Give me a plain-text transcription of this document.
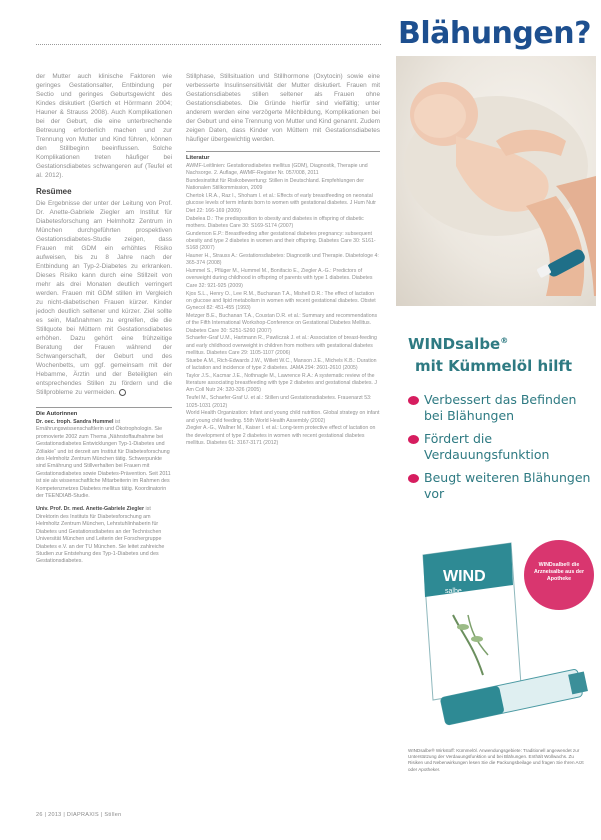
der Mutter auch klinische Faktoren wie geringes Gestationsalter, Entbindung per Sectio und geringes Geburtsgewicht des Kindes diskutiert (Gertich et Hörrmann 2004; Hauner & Strauss 2008). Auch Komplikationen bei der Geburt, die eine unterbrechende Betreuung erforderlich machen und zur Trennung von Mutter und Kind führen, können den Stillbeginn beeinflussen. Solche Komplikationen treten häufiger bei Gestationsdiabetes schwangeren auf (Teufel et al. 2012).

Resümee

Die Ergebnisse der unter der Leitung von Prof. Dr. Anette-Gabriele Ziegler am Institut für Diabetesforschung am Helmholtz Zentrum in München durchgeführten prospektiven Gestationsdiabetes-Studie zeigen, dass Frauen mit GDM ein erhöhtes Risiko aufweisen, bis zu 8 Jahre nach der Entbindung an Typ-2-Diabetes zu erkranken. Dieses Risiko kann durch eine Stillzeit von mehr als drei Monaten deutlich verringert werden. Frauen mit GDM stillen im Vergleich zu nicht-diabetischen Frauen kürzer. Kinder jedoch deutlich seltener und kürzer. Ziel sollte es sein, Maßnahmen zu ergreifen, die die Stillquote bei Müttern mit Gestationsdiabetes erhöhen. Dazu gehört eine frühzeitige Beratung der Frauen während der Schwangerschaft, der Geburt und des Wochenbetts, um ggf. gemeinsam mit der Hebamme, Ärztin und der Beteiligten ein entsprechendes Stillen zu fördern und die Stillprobleme zu vermeiden.

Die Autorinnen

Dr. oec. troph. Sandra Hummel ist Ernährungswissenschaftlerin und Ökotrophologin. Sie promovierte 2002 zum Thema „Nährstoffaufnahme bei Gestationsdiabetes Entwicklungen Typ-1-Diabetes und Zöliakie“ und ist derzeit am Institut für Diabetesforschung des Helmholtz Zentrum München tätig. Schwerpunkte sind Ernährung und Stillverhalten bei Frauen mit Gestationsdiabetes sowie Diabetes-Prävention. Seit 2011 ist sie als wissenschaftliche Mitarbeiterin im Rahmen des Kompetenznetzes Diabetes mellitus tätig. Koordinatorin der TEENDIAB-Studie.

Univ. Prof. Dr. med. Anette-Gabriele Ziegler ist Direktorin des Instituts für Diabetesforschung am Helmholtz Zentrum München, Lehrstuhlinhaberin für Diabetes und Gestationsdiabetes an der Technischen Universität München und Leiterin der Forschergruppe Diabetes e.V. an der TU München. Sie leitet zahlreiche Studien zur Entstehung des Typ-1-Diabetes und des Gestationsdiabetes.

Stillphase, Stillsituation und Stillhormone (Oxytocin) sowie eine verbesserte Insulinsensitivität der Mutter diskutiert. Frauen mit Gestationsdiabetes stillen seltener als Frauen ohne Gestationsdiabetes. Die Gründe hierfür sind vielfältig; unter anderem werden eine verzögerte Milchbildung, Komplikationen bei der Geburt und eine Trennung von Mutter und Kind genannt. Zudem zeigen Daten, dass Kinder von Müttern mit Gestationsdiabetes häufiger übergewichtig werden.

Literatur

AWMF-Leitlinien: Gestationsdiabetes mellitus (GDM), Diagnostik, Therapie und Nachsorge. 2. Auflage, AWMF-Register Nr. 057/008, 2011

Bundesinstitut für Risikobewertung: Stillen in Deutschland. Empfehlungen der Nationalen Stillkommission, 2009

Chertok I.R.A., Raz I., Shoham I. et al.: Effects of early breastfeeding on neonatal glucose levels of term infants born to women with gestational diabetes. J Hum Nutr Diet 22: 166-169 (2009)

Dabelea D.: The predisposition to obesity and diabetes in offspring of diabetic mothers. Diabetes Care 30: S169-S174 (2007)

Gunderson E.P.: Breastfeeding after gestational diabetes pregnancy: subsequent obesity and type 2 diabetes in women and their offspring. Diabetes Care 30: S161-S168 (2007)

Hauner H., Strauss A.: Gestationsdiabetes: Diagnostik und Therapie. Diabetologe 4: 365-374 (2008)

Hummel S., Pflüger M., Hummel M., Bonifacio E., Ziegler A.-G.: Predictors of overweight during childhood in offspring of parents with type 1 diabetes. Diabetes Care 32: 921-925 (2009)

Kjos S.L., Henry O., Lee R.M., Buchanan T.A., Mishell D.R.: The effect of lactation on glucose and lipid metabolism in women with recent gestational diabetes. Obstet Gynecol 82: 451-455 (1993)

Metzger B.E., Buchanan T.A., Coustan D.R. et al.: Summary and recommendations of the Fifth International Workshop-Conference on Gestational Diabetes Mellitus. Diabetes Care 30: S251-S260 (2007)

Schaefer-Graf U.M., Hartmann R., Pawliczak J. et al.: Association of breast-feeding and early childhood overweight in children from mothers with gestational diabetes mellitus. Diabetes Care 29: 1105-1107 (2006)

Stuebe A.M., Rich-Edwards J.W., Willett W.C., Manson J.E., Michels K.B.: Duration of lactation and incidence of type 2 diabetes. JAMA 294: 2601-2610 (2005)

Taylor J.S., Kacmar J.E., Nothnagle M., Lawrence R.A.: A systematic review of the literature associating breastfeeding with type 2 diabetes and gestational diabetes. J Am Coll Nutr 24: 320-326 (2005)

Teufel M., Schaefer-Graf U. et al.: Stillen und Gestationsdiabetes. Frauenarzt 53: 1025-1031 (2012)

World Health Organization: Infant and young child nutrition. Global strategy on infant and young child feeding. 55th World Health Assembly (2002)

Ziegler A.-G., Wallner M., Kaiser I. et al.: Long-term protective effect of lactation on the development of type 2 diabetes in women with recent gestational diabetes mellitus. Diabetes 61: 3167-3171 (2012)

26 | 2013 | DIAPRAXIS | Stillen
Blähungen?
WINDsalbe®
mit Kümmelöl hilft
Verbessert das Befinden bei Blähungen
Fördert die Verdauungsfunktion
Beugt weiteren Blähungen vor
WIND
salbe
WINDsalbe® die Arzneisalbe aus der Apotheke

WINDsalbe® Wirkstoff: Kümmelöl. Anwendungsgebiete: Traditionell angewendet zur Unterstützung der Verdauungsfunktion und bei Blähungen. Enthält Wollwachs. Zu Risiken und Nebenwirkungen lesen Sie die Packungsbeilage und fragen Sie Ihren Arzt oder Apotheker.
